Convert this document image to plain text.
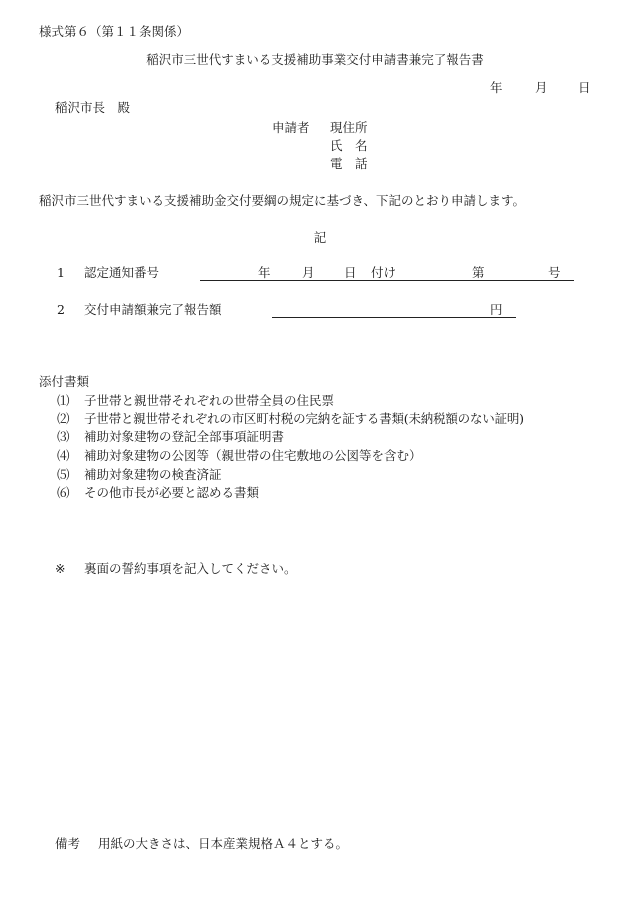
様式第６（第１１条関係）
稲沢市三世代すまいる支援補助事業交付申請書兼完了報告書
年	月 日
稲沢市長　殿
申請者 現住所
氏　名
電　話
稲沢市三世代すまいる支援補助金交付要綱の規定に基づき、下記のとおり申請します。
記
1 認定通知番号	年	月 日 付け	第	号
2 交付申請額兼完了報告額	円
添付書類
⑴ 子世帯と親世帯それぞれの世帯全員の住民票
⑵ 子世帯と親世帯それぞれの市区町村税の完納を証する書類(未納税額のない証明)
⑶ 補助対象建物の登記全部事項証明書
⑷ 補助対象建物の公図等（親世帯の住宅敷地の公図等を含む）
⑸ 補助対象建物の検査済証
⑹ その他市長が必要と認める書類
※ 裏面の誓約事項を記入してください。
備考 用紙の大きさは、日本産業規格Ａ４とする。
